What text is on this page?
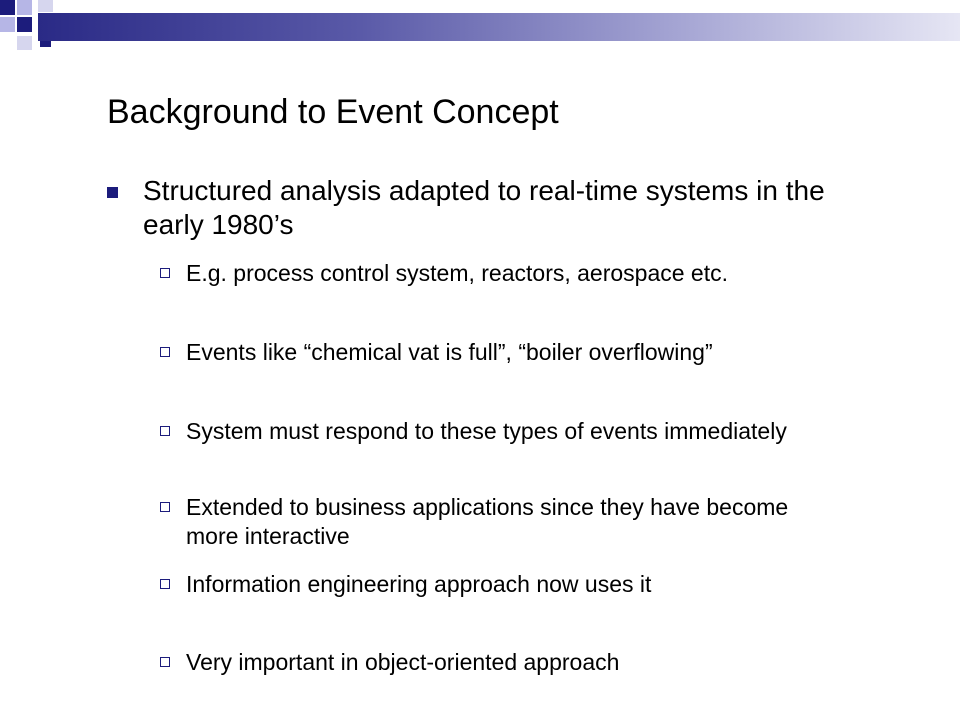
Background to Event Concept
Structured analysis adapted to real-time systems in the early 1980’s
E.g. process control system, reactors, aerospace etc.
Events like “chemical vat is full”, “boiler overflowing”
System must respond to these types of events immediately
Extended to business applications since they have become more interactive
Information engineering approach now uses it
Very important in object-oriented approach
